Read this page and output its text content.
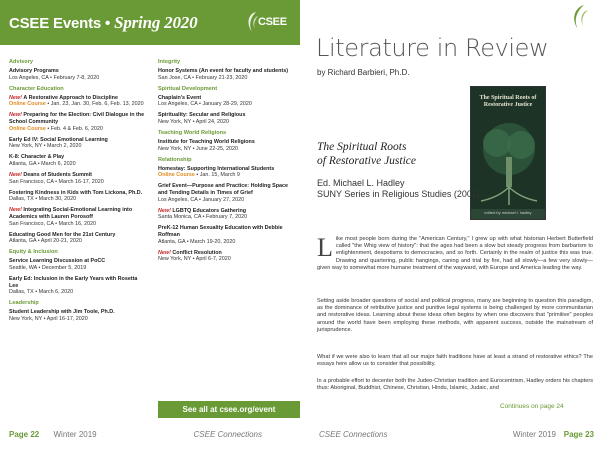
CSEE Events • Spring 2020	CSEE
Advisory
Advisory Programs
Los Angeles, CA • February 7-8, 2020
Character Education
New! A Restorative Approach to Discipline
Online Course • Jan. 23, Jan. 30, Feb. 6, Feb. 13, 2020
New! Preparing for the Election: Civil Dialogue in the School Community
Online Course • Feb. 4 & Feb. 6, 2020
Early Ed IV: Social Emotional Learning
New York, NY • March 2, 2020
K-8: Character & Play
Atlanta, GA • March 6, 2020
New! Deans of Students Summit
San Francisco, CA • March 16-17, 2020
Fostering Kindness in Kids with Tom Lickona, Ph.D.
Dallas, TX • March 30, 2020
New! Integrating Social-Emotional Learning into Academics with Lauren Porosoff
San Francisco, CA • March 16, 2020
Educating Good Men for the 21st Century
Atlanta, GA • April 20-21, 2020
Equity & Inclusion
Service Learning Discussion at PoCC
Seattle, WA • December 5, 2019
Early Ed: Inclusion in the Early Years with Rosetta Lee
Dallas, TX • March 6, 2020
Leadership
Student Leadership with Jim Toole, Ph.D.
New York, NY • April 16-17, 2020
Integrity
Honor Systems (An event for faculty and students)
San Jose, CA • February 21-23, 2020
Spiritual Development
Chaplain's Event
Los Angeles, CA • January 28-29, 2020
Spirituality: Secular and Religious
New York, NY • April 24, 2020
Teaching World Religions
Institute for Teaching World Religions
New York, NY • June 22-25, 2020
Relationship
Homestay: Supporting International Students
Online Course • Jan. 15, March 9
Grief Event—Purpose and Practice: Holding Space and Tending Details in Times of Grief
Los Angeles, CA • January 27, 2020
New! LGBTQ Educators Gathering
Santa Monica, CA • February 7, 2020
PreK-12 Human Sexuality Education with Debbie Roffman
Atlanta, GA • March 19-20, 2020
New! Conflict Resolution
New York, NY • April 6-7, 2020
See all at csee.org/event
Page 22 Winter 2019	CSEE Connections
Literature in Review
by Richard Barbieri, Ph.D.
The Spiritual Roots of Restorative Justice
edited by michael l. hadley
The Spiritual Roots
of Restorative Justice
Ed. Michael L. Hadley
SUNY Series in Religious Studies (2001)
Like most people born during the "American Century," I grew up with what historian Herbert Butterfield called "the Whig view of history": that the ages had been a slow but steady progress from barbarism to enlightenment, despotisms to democracies, and so forth. Certainly in the realm of justice this was true. Drawing and quartering, public hangings, caning and trial by fire, had all slowly—a few very slowly—given way to somewhat more humane treatment of the wayward, with Europe and America leading the way.
Setting aside broader questions of social and political progress, many are beginning to question this paradigm, as the dominance of retributive justice and punitive legal systems is being challenged by more communitarian and restorative ideas. Learning about these ideas often begins by when one discovers that "primitive" peoples around the world have been employing these methods, with apparent success, outside the mainstream of jurisprudence.
What if we were also to learn that all our major faith traditions have at least a strand of restorative ethics? The essays here allow us to consider that possibility.
In a probable effort to decenter both the Judeo-Christian tradition and Eurocentrism, Hadley orders his chapters thus: Aboriginal, Buddhist, Chinese, Christian, Hindu, Islamic, Judaic, and
Continues on page 24
CSEE Connections	Winter 2019 Page 23
